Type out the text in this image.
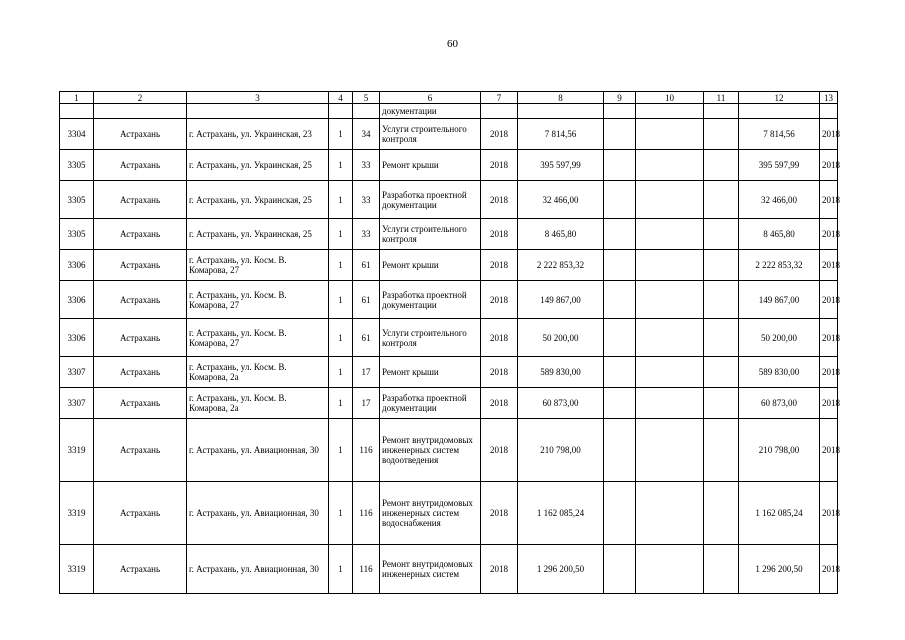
60
1	2	3	4	5	6	7	8	9	10	11	12	13
					документации							
3304	Астрахань	г. Астрахань, ул. Украинская, 23	1	34	Услуги строительного контроля	2018	7 814,56				7 814,56	2018
3305	Астрахань	г. Астрахань, ул. Украинская, 25	1	33	Ремонт крыши	2018	395 597,99				395 597,99	2018
3305	Астрахань	г. Астрахань, ул. Украинская, 25	1	33	Разработка проектной документации	2018	32 466,00				32 466,00	2018
3305	Астрахань	г. Астрахань, ул. Украинская, 25	1	33	Услуги строительного контроля	2018	8 465,80				8 465,80	2018
3306	Астрахань	г. Астрахань, ул. Косм. В. Комарова, 27	1	61	Ремонт крыши	2018	2 222 853,32				2 222 853,32	2018
3306	Астрахань	г. Астрахань, ул. Косм. В. Комарова, 27	1	61	Разработка проектной документации	2018	149 867,00				149 867,00	2018
3306	Астрахань	г. Астрахань, ул. Косм. В. Комарова, 27	1	61	Услуги строительного контроля	2018	50 200,00				50 200,00	2018
3307	Астрахань	г. Астрахань, ул. Косм. В. Комарова, 2а	1	17	Ремонт крыши	2018	589 830,00				589 830,00	2018
3307	Астрахань	г. Астрахань, ул. Косм. В. Комарова, 2а	1	17	Разработка проектной документации	2018	60 873,00				60 873,00	2018
3319	Астрахань	г. Астрахань, ул. Авиационная, 30	1	116	Ремонт внутридомовых инженерных систем водоотведения	2018	210 798,00				210 798,00	2018
3319	Астрахань	г. Астрахань, ул. Авиационная, 30	1	116	Ремонт внутридомовых инженерных систем водоснабжения	2018	1 162 085,24				1 162 085,24	2018
3319	Астрахань	г. Астрахань, ул. Авиационная, 30	1	116	Ремонт внутридомовых инженерных систем	2018	1 296 200,50				1 296 200,50	2018
